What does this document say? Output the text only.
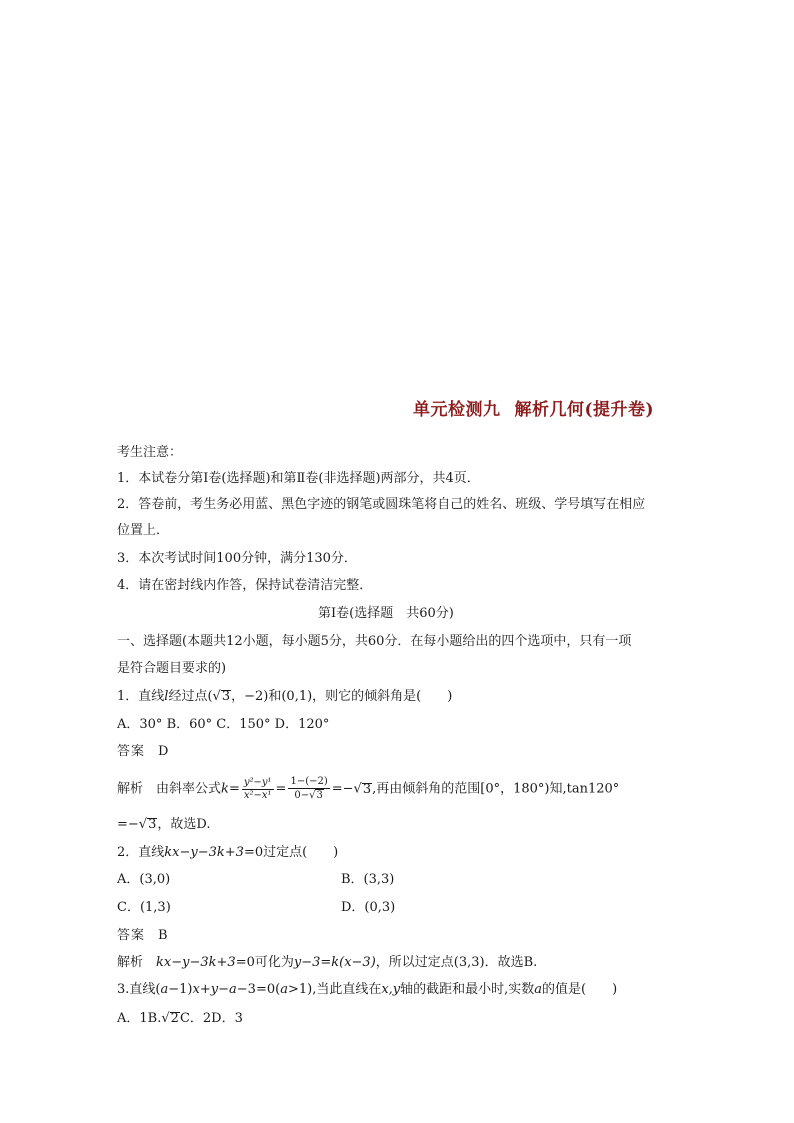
单元检测九 解析几何(提升卷)
考生注意：
1．本试卷分第Ⅰ卷(选择题)和第Ⅱ卷(非选择题)两部分，共4页．
2．答卷前，考生务必用蓝、黑色字迹的钢笔或圆珠笔将自己的姓名、班级、学号填写在相应
位置上．
3．本次考试时间100分钟，满分130分．
4．请在密封线内作答，保持试卷清洁完整．
第Ⅰ卷(选择题　共60分)
一、选择题(本题共12小题，每小题5分，共60分．在每小题给出的四个选项中，只有一项
是符合题目要求的)
1．直线l经过点(√3，−2)和(0,1)，则它的倾斜角是(　　)
A．30° B．60° C．150° D．120°
答案　 D
解析　 由斜率公式$k= \frac{\text{y²−y¹}}{\text{x²−x¹}} = \frac{1-(-2)}{0-√3} =-√3$,再由倾斜角的范围[0°，180°)知,tan120°
=−√3，故选D.
2．直线kx−y−3k+3=0过定点(　　)
A．(3,0)	B．(3,3)
C．(1,3)	D．(0,3)
答案　 B
解析　 kx−y−3k+3=0可化为y−3=k(x−3)，所以过定点(3,3)．故选B.
3.直线(a−1)x+y−a−3=0(a>1),当此直线在x,y轴的截距和最小时,实数a的值是(　　)
A．1B.√2C．2D．3
